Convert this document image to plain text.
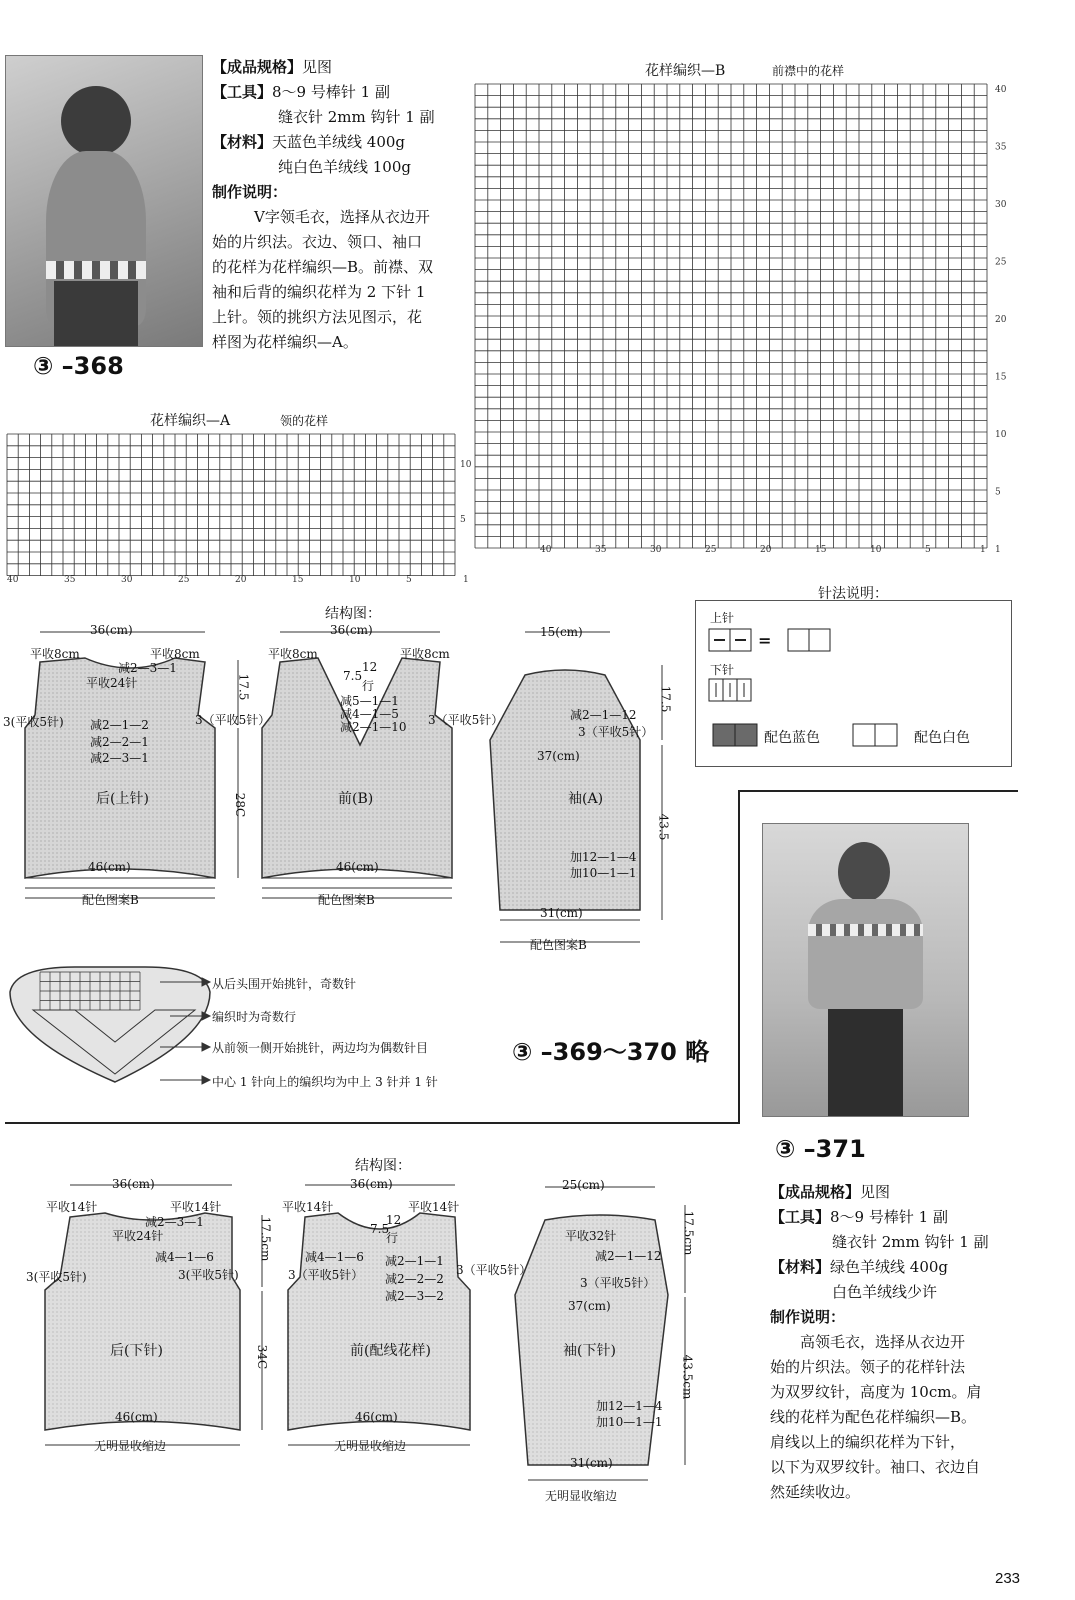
③ –368
【成品规格】见图
【工具】8～9 号棒针 1 副
缝衣针 2mm 钩针 1 副
【材料】天蓝色羊绒线 400g
纯白色羊绒线 100g
制作说明：
V字领毛衣，选择从衣边开
始的片织法。衣边、领口、袖口
的花样为花样编织—B。前襟、双
袖和后背的编织花样为 2 下针 1
上针。领的挑织方法见图示，花
样图为花样编织—A。
花样编织—B	前襟中的花样
40
35
30
25
20
15
10
5
1
40	35	30	25	20	15	10	5	1
花样编织—A	领的花样
10
5
40	35	30	25	20	15	10	5	1
针法说明：
上针
=
下针
配色蓝色	配色白色
结构图：
36(cm)
平收8cm	平收8cm
减2—3—1
平收24针
3(平收5针)	3（平收5针）
减2—1—2
减2—2—1
减2—3—1
后(上针)
17.5
28C
46(cm)
配色图案B
36(cm)
平收8cm	平收8cm
7.5
12
行
减5—1—1
减4—1—5
减2—1—10 3（平收5针）
前(B)
46(cm)
配色图案B
15(cm)
17.5
减2—1—12
3（平收5针）
37(cm)
袖(A)
43.5
加12—1—4
加10—1—1
31(cm)
配色图案B
从后头围开始挑针，奇数针
编织时为奇数行
从前领一侧开始挑针，两边均为偶数针目
中心 1 针向上的编织均为中上 3 针并 1 针
③ –369～370 略
③ –371
【成品规格】见图
【工具】8～9 号棒针 1 副
缝衣针 2mm 钩针 1 副
【材料】绿色羊绒线 400g
白色羊绒线少许
制作说明：
高领毛衣，选择从衣边开
始的片织法。领子的花样针法
为双罗纹针，高度为 10cm。肩
线的花样为配色花样编织—B。
肩线以上的编织花样为下针，
以下为双罗纹针。袖口、衣边自
然延续收边。
结构图：
36(cm)
平收14针	平收14针
减2—3—1
平收24针
减4—1—6
3(平收5针)	3(平收5针)
后(下针)
17.5cm
34C
46(cm)
无明显收缩边
36(cm)
平收14针	平收14针
7.5
12
行
减4—1—6
3（平收5针）
减2—1—1
减2—2—2
减2—3—2
3（平收5针）
前(配线花样)
46(cm)
无明显收缩边
25(cm)
平收32针	17.5cm
减2—1—12
3（平收5针）
37(cm)
袖(下针)
43.5cm
加12—1—4
加10—1—1
31(cm)
无明显收缩边
233
